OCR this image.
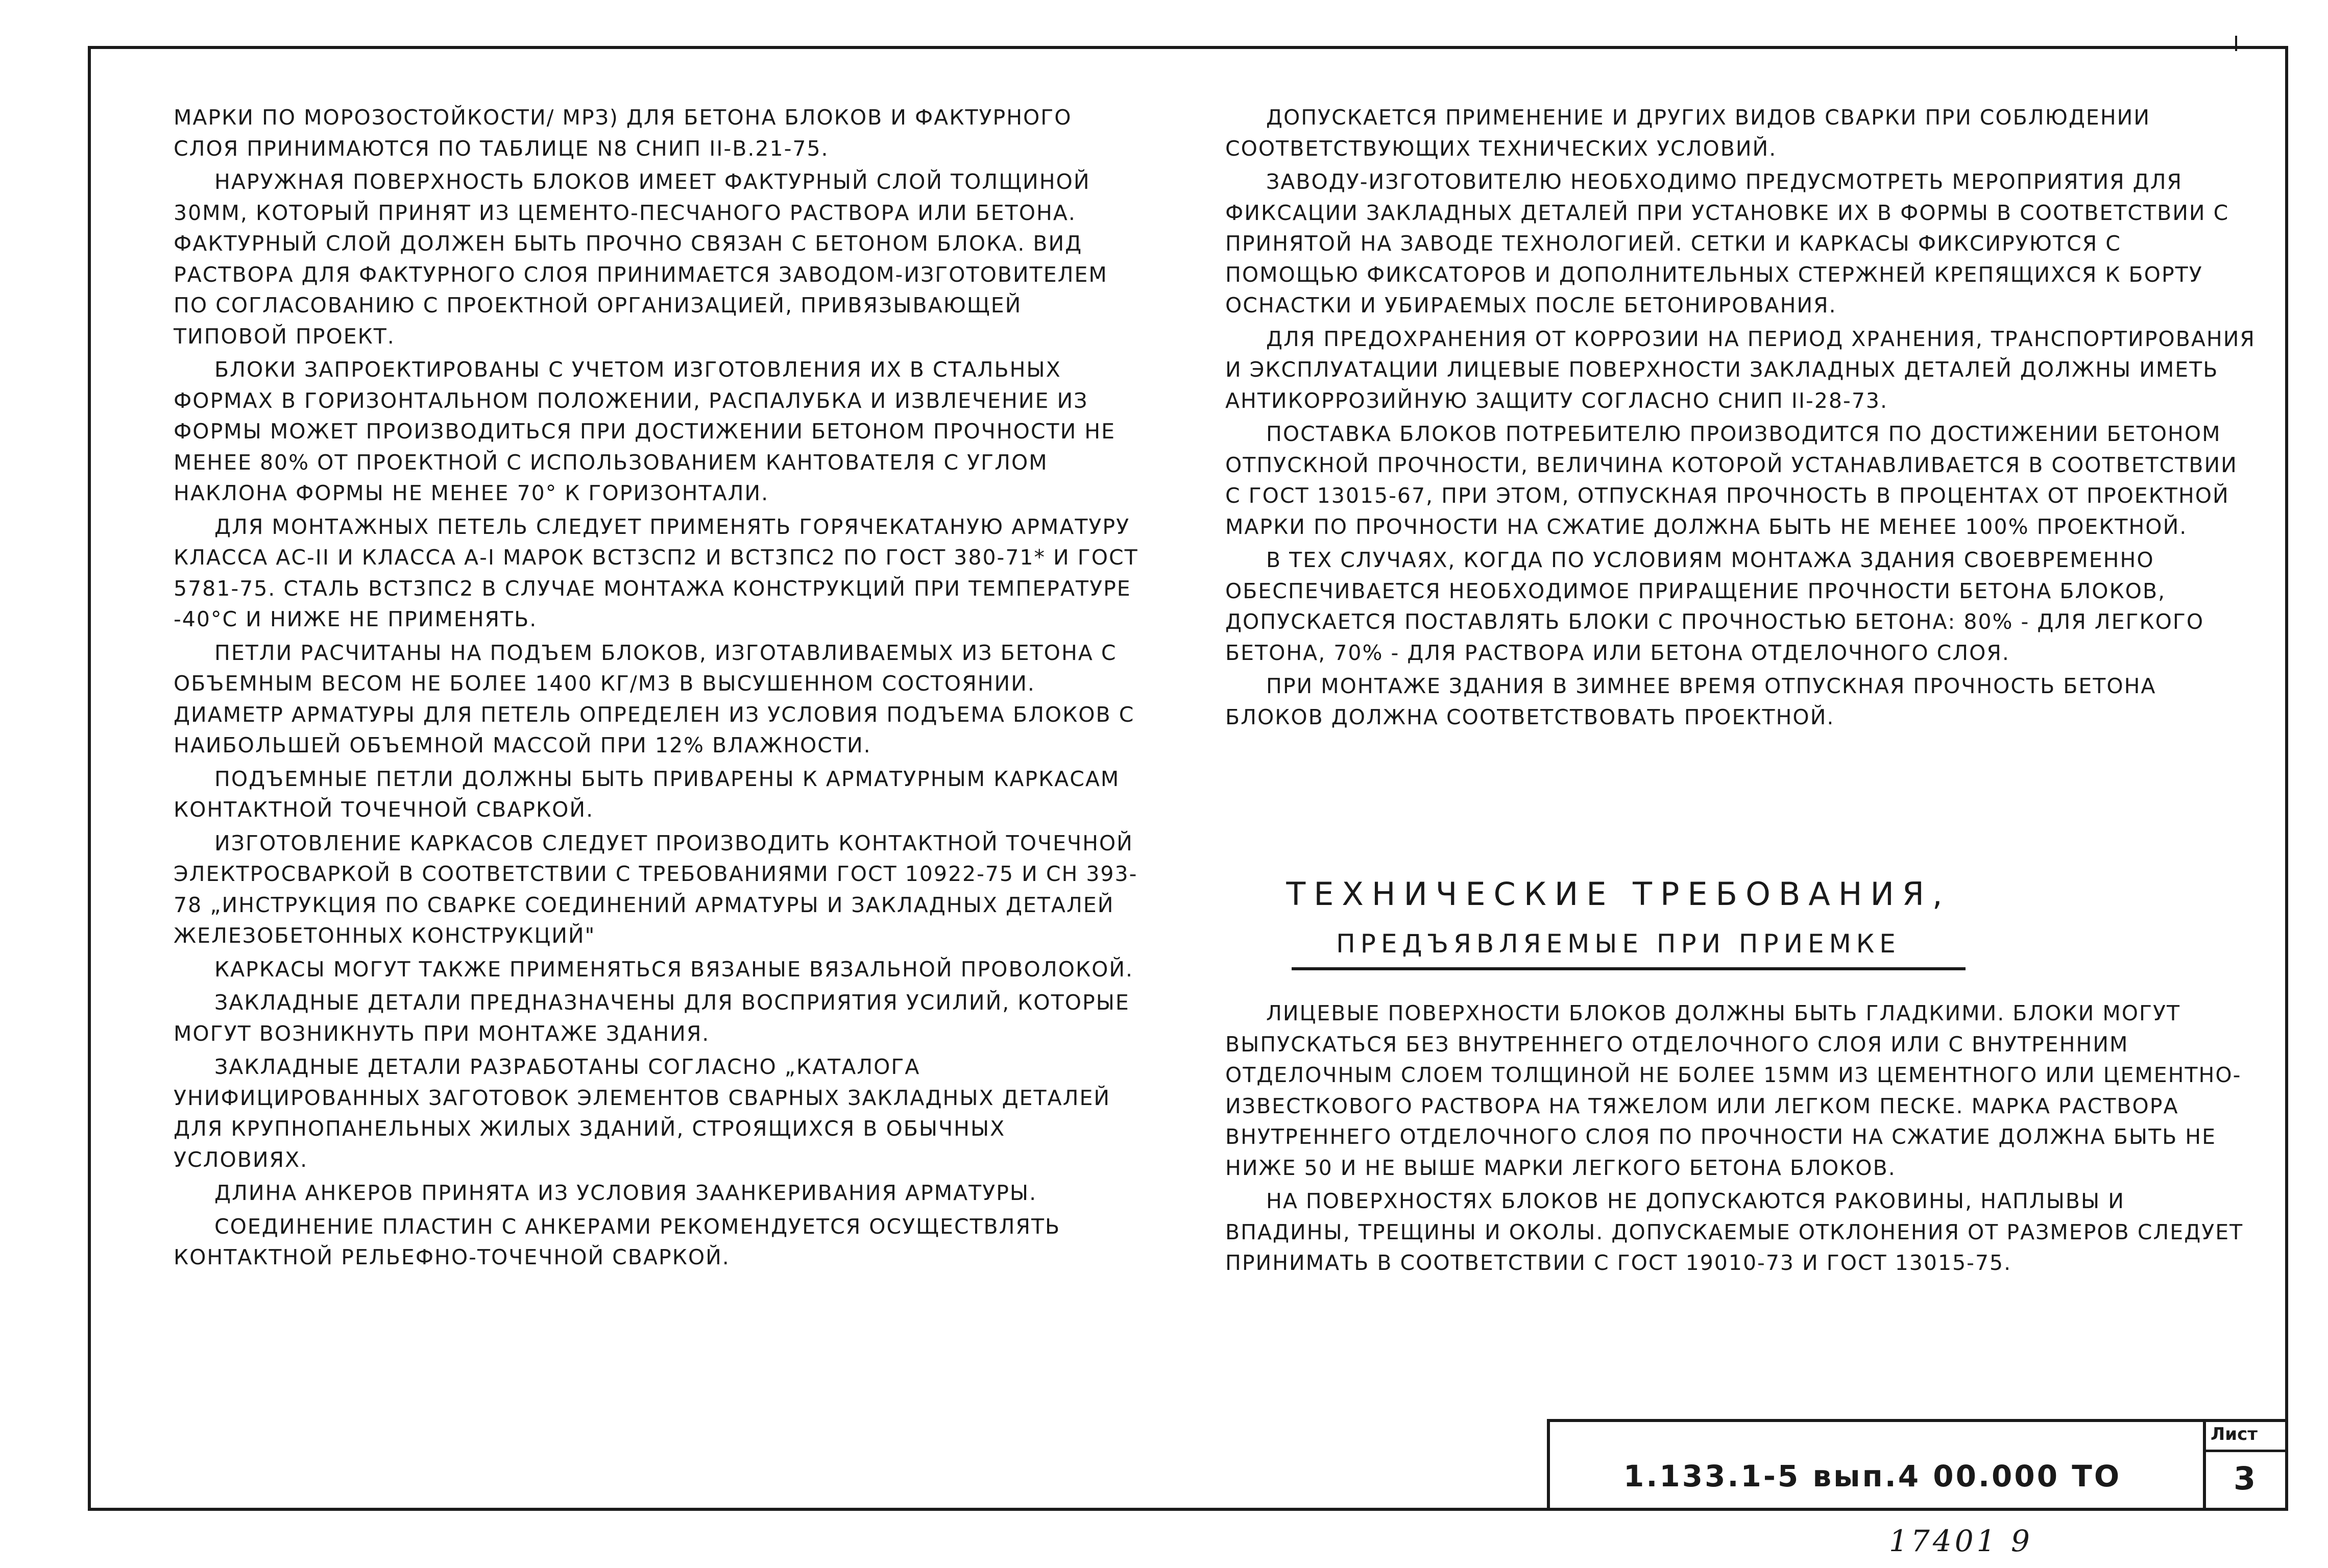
МАРКИ ПО МОРОЗОСТОЙКОСТИ/ МРЗ) ДЛЯ БЕТОНА БЛОКОВ И ФАКТУРНОГО СЛОЯ ПРИНИМАЮТСЯ ПО ТАБЛИЦЕ N8 СНИП II-В.21-75.

НАРУЖНАЯ ПОВЕРХНОСТЬ БЛОКОВ ИМЕЕТ ФАКТУРНЫЙ СЛОЙ ТОЛЩИНОЙ 30ММ, КОТОРЫЙ ПРИНЯТ ИЗ ЦЕМЕНТО-ПЕСЧАНОГО РАСТВОРА ИЛИ БЕТОНА. ФАКТУРНЫЙ СЛОЙ ДОЛЖЕН БЫТЬ ПРОЧНО СВЯЗАН С БЕТОНОМ БЛОКА. ВИД РАСТВОРА ДЛЯ ФАКТУРНОГО СЛОЯ ПРИНИМАЕТСЯ ЗАВОДОМ-ИЗГОТОВИТЕЛЕМ ПО СОГЛАСОВАНИЮ С ПРОЕКТНОЙ ОРГАНИЗАЦИЕЙ, ПРИВЯЗЫВАЮЩЕЙ ТИПОВОЙ ПРОЕКТ.

БЛОКИ ЗАПРОЕКТИРОВАНЫ С УЧЕТОМ ИЗГОТОВЛЕНИЯ ИХ В СТАЛЬНЫХ ФОРМАХ В ГОРИЗОНТАЛЬНОМ ПОЛОЖЕНИИ, РАСПАЛУБКА И ИЗВЛЕЧЕНИЕ ИЗ ФОРМЫ МОЖЕТ ПРОИЗВОДИТЬСЯ ПРИ ДОСТИЖЕНИИ БЕТОНОМ ПРОЧНОСТИ НЕ МЕНЕЕ 80% ОТ ПРОЕКТНОЙ С ИСПОЛЬЗОВАНИЕМ КАНТОВАТЕЛЯ С УГЛОМ НАКЛОНА ФОРМЫ НЕ МЕНЕЕ 70° К ГОРИЗОНТАЛИ.

ДЛЯ МОНТАЖНЫХ ПЕТЕЛЬ СЛЕДУЕТ ПРИМЕНЯТЬ ГОРЯЧЕКАТАНУЮ АРМАТУРУ КЛАССА АС-II И КЛАССА А-I МАРОК ВСТ3СП2 И ВСТ3ПС2 ПО ГОСТ 380-71* И ГОСТ 5781-75. СТАЛЬ ВСТ3ПС2 В СЛУЧАЕ МОНТАЖА КОНСТРУКЦИЙ ПРИ ТЕМПЕРАТУРЕ -40°С И НИЖЕ НЕ ПРИМЕНЯТЬ.

ПЕТЛИ РАСЧИТАНЫ НА ПОДЪЕМ БЛОКОВ, ИЗГОТАВЛИВАЕМЫХ ИЗ БЕТОНА С ОБЪЕМНЫМ ВЕСОМ НЕ БОЛЕЕ 1400 КГ/М3 В ВЫСУШЕННОМ СОСТОЯНИИ. ДИАМЕТР АРМАТУРЫ ДЛЯ ПЕТЕЛЬ ОПРЕДЕЛЕН ИЗ УСЛОВИЯ ПОДЪЕМА БЛОКОВ С НАИБОЛЬШЕЙ ОБЪЕМНОЙ МАССОЙ ПРИ 12% ВЛАЖНОСТИ.

ПОДЪЕМНЫЕ ПЕТЛИ ДОЛЖНЫ БЫТЬ ПРИВАРЕНЫ К АРМАТУРНЫМ КАРКАСАМ КОНТАКТНОЙ ТОЧЕЧНОЙ СВАРКОЙ.

ИЗГОТОВЛЕНИЕ КАРКАСОВ СЛЕДУЕТ ПРОИЗВОДИТЬ КОНТАКТНОЙ ТОЧЕЧНОЙ ЭЛЕКТРОСВАРКОЙ В СООТВЕТСТВИИ С ТРЕБОВАНИЯМИ ГОСТ 10922-75 И СН 393-78 „ИНСТРУКЦИЯ ПО СВАРКЕ СОЕДИНЕНИЙ АРМАТУРЫ И ЗАКЛАДНЫХ ДЕТАЛЕЙ ЖЕЛЕЗОБЕТОННЫХ КОНСТРУКЦИЙ"

КАРКАСЫ МОГУТ ТАКЖЕ ПРИМЕНЯТЬСЯ ВЯЗАНЫЕ ВЯЗАЛЬНОЙ ПРОВОЛОКОЙ.

ЗАКЛАДНЫЕ ДЕТАЛИ ПРЕДНАЗНАЧЕНЫ ДЛЯ ВОСПРИЯТИЯ УСИЛИЙ, КОТОРЫЕ МОГУТ ВОЗНИКНУТЬ ПРИ МОНТАЖЕ ЗДАНИЯ.

ЗАКЛАДНЫЕ ДЕТАЛИ РАЗРАБОТАНЫ СОГЛАСНО „КАТАЛОГА УНИФИЦИРОВАННЫХ ЗАГОТОВОК ЭЛЕМЕНТОВ СВАРНЫХ ЗАКЛАДНЫХ ДЕТАЛЕЙ ДЛЯ КРУПНОПАНЕЛЬНЫХ ЖИЛЫХ ЗДАНИЙ, СТРОЯЩИХСЯ В ОБЫЧНЫХ УСЛОВИЯХ.

ДЛИНА АНКЕРОВ ПРИНЯТА ИЗ УСЛОВИЯ ЗААНКЕРИВАНИЯ АРМАТУРЫ.

СОЕДИНЕНИЕ ПЛАСТИН С АНКЕРАМИ РЕКОМЕНДУЕТСЯ ОСУЩЕСТВЛЯТЬ КОНТАКТНОЙ РЕЛЬЕФНО-ТОЧЕЧНОЙ СВАРКОЙ.

ДОПУСКАЕТСЯ ПРИМЕНЕНИЕ И ДРУГИХ ВИДОВ СВАРКИ ПРИ СОБЛЮДЕНИИ СООТВЕТСТВУЮЩИХ ТЕХНИЧЕСКИХ УСЛОВИЙ.

ЗАВОДУ-ИЗГОТОВИТЕЛЮ НЕОБХОДИМО ПРЕДУСМОТРЕТЬ МЕРОПРИЯТИЯ ДЛЯ ФИКСАЦИИ ЗАКЛАДНЫХ ДЕТАЛЕЙ ПРИ УСТАНОВКЕ ИХ В ФОРМЫ В СООТВЕТСТВИИ С ПРИНЯТОЙ НА ЗАВОДЕ ТЕХНОЛОГИЕЙ. СЕТКИ И КАРКАСЫ ФИКСИРУЮТСЯ С ПОМОЩЬЮ ФИКСАТОРОВ И ДОПОЛНИТЕЛЬНЫХ СТЕРЖНЕЙ КРЕПЯЩИХСЯ К БОРТУ ОСНАСТКИ И УБИРАЕМЫХ ПОСЛЕ БЕТОНИРОВАНИЯ.

ДЛЯ ПРЕДОХРАНЕНИЯ ОТ КОРРОЗИИ НА ПЕРИОД ХРАНЕНИЯ, ТРАНСПОРТИРОВАНИЯ И ЭКСПЛУАТАЦИИ ЛИЦЕВЫЕ ПОВЕРХНОСТИ ЗАКЛАДНЫХ ДЕТАЛЕЙ ДОЛЖНЫ ИМЕТЬ АНТИКОРРОЗИЙНУЮ ЗАЩИТУ СОГЛАСНО СНИП II-28-73.

ПОСТАВКА БЛОКОВ ПОТРЕБИТЕЛЮ ПРОИЗВОДИТСЯ ПО ДОСТИЖЕНИИ БЕТОНОМ ОТПУСКНОЙ ПРОЧНОСТИ, ВЕЛИЧИНА КОТОРОЙ УСТАНАВЛИВАЕТСЯ В СООТВЕТСТВИИ С ГОСТ 13015-67, ПРИ ЭТОМ, ОТПУСКНАЯ ПРОЧНОСТЬ В ПРОЦЕНТАХ ОТ ПРОЕКТНОЙ МАРКИ ПО ПРОЧНОСТИ НА СЖАТИЕ ДОЛЖНА БЫТЬ НЕ МЕНЕЕ 100% ПРОЕКТНОЙ.

В ТЕХ СЛУЧАЯХ, КОГДА ПО УСЛОВИЯМ МОНТАЖА ЗДАНИЯ СВОЕВРЕМЕННО ОБЕСПЕЧИВАЕТСЯ НЕОБХОДИМОЕ ПРИРАЩЕНИЕ ПРОЧНОСТИ БЕТОНА БЛОКОВ, ДОПУСКАЕТСЯ ПОСТАВЛЯТЬ БЛОКИ С ПРОЧНОСТЬЮ БЕТОНА: 80% - ДЛЯ ЛЕГКОГО БЕТОНА, 70% - ДЛЯ РАСТВОРА ИЛИ БЕТОНА ОТДЕЛОЧНОГО СЛОЯ.

ПРИ МОНТАЖЕ ЗДАНИЯ В ЗИМНЕЕ ВРЕМЯ ОТПУСКНАЯ ПРОЧНОСТЬ БЕТОНА БЛОКОВ ДОЛЖНА СООТВЕТСТВОВАТЬ ПРОЕКТНОЙ.

ТЕХНИЧЕСКИЕ ТРЕБОВАНИЯ,
ПРЕДЪЯВЛЯЕМЫЕ ПРИ ПРИЕМКЕ

ЛИЦЕВЫЕ ПОВЕРХНОСТИ БЛОКОВ ДОЛЖНЫ БЫТЬ ГЛАДКИМИ. БЛОКИ МОГУТ ВЫПУСКАТЬСЯ БЕЗ ВНУТРЕННЕГО ОТДЕЛОЧНОГО СЛОЯ ИЛИ С ВНУТРЕННИМ ОТДЕЛОЧНЫМ СЛОЕМ ТОЛЩИНОЙ НЕ БОЛЕЕ 15ММ ИЗ ЦЕМЕНТНОГО ИЛИ ЦЕМЕНТНО-ИЗВЕСТКОВОГО РАСТВОРА НА ТЯЖЕЛОМ ИЛИ ЛЕГКОМ ПЕСКЕ. МАРКА РАСТВОРА ВНУТРЕННЕГО ОТДЕЛОЧНОГО СЛОЯ ПО ПРОЧНОСТИ НА СЖАТИЕ ДОЛЖНА БЫТЬ НЕ НИЖЕ 50 И НЕ ВЫШЕ МАРКИ ЛЕГКОГО БЕТОНА БЛОКОВ.

НА ПОВЕРХНОСТЯХ БЛОКОВ НЕ ДОПУСКАЮТСЯ РАКОВИНЫ, НАПЛЫВЫ И ВПАДИНЫ, ТРЕЩИНЫ И ОКОЛЫ. ДОПУСКАЕМЫЕ ОТКЛОНЕНИЯ ОТ РАЗМЕРОВ СЛЕДУЕТ ПРИНИМАТЬ В СООТВЕТСТВИИ С ГОСТ 19010-73 И ГОСТ 13015-75.

1.133.1-5 вып.4 00.000 ТО
Лист
3
17401 9
